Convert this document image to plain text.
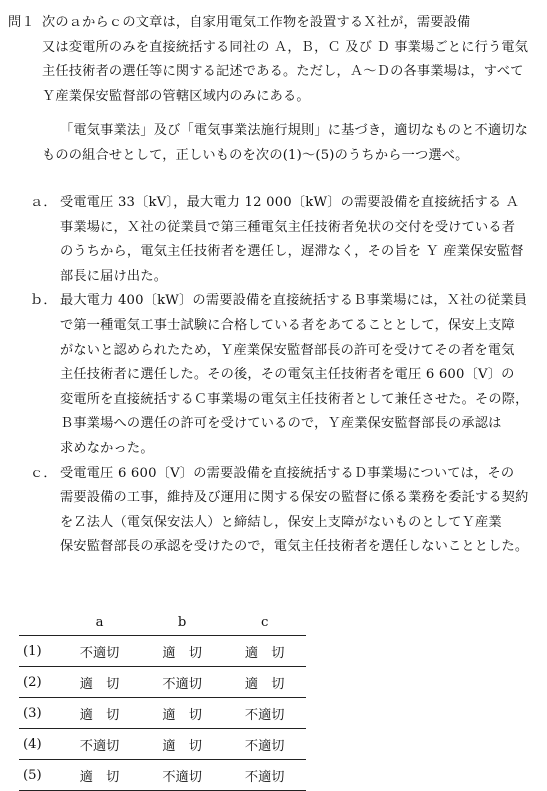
問１ 次のａからｃの文章は，自家用電気工作物を設置するＸ社が，需要設備
又は変電所のみを直接統括する同社の Ａ，Ｂ，Ｃ 及び Ｄ 事業場ごとに行う電気
主任技術者の選任等に関する記述である。ただし，Ａ～Ｄの各事業場は，すべて
Ｙ産業保安監督部の管轄区域内のみにある。
「電気事業法」及び「電気事業法施行規則」に基づき，適切なものと不適切な
ものの組合せとして，正しいものを次の(1)～(5)のうちから一つ選べ。
ａ． 受電電圧 33〔kV〕，最大電力 12 000〔kW〕の需要設備を直接統括する Ａ
事業場に，Ｘ社の従業員で第三種電気主任技術者免状の交付を受けている者
のうちから，電気主任技術者を選任し，遅滞なく，その旨を Ｙ 産業保安監督
部長に届け出た。
ｂ． 最大電力 400〔kW〕の需要設備を直接統括するＢ事業場には，Ｘ社の従業員
で第一種電気工事士試験に合格している者をあてることとして，保安上支障
がないと認められたため，Ｙ産業保安監督部長の許可を受けてその者を電気
主任技術者に選任した。その後，その電気主任技術者を電圧 6 600〔V〕の
変電所を直接統括するＣ事業場の電気主任技術者として兼任させた。その際，
Ｂ事業場への選任の許可を受けているので，Ｙ産業保安監督部長の承認は
求めなかった。
ｃ． 受電電圧 6 600〔V〕の需要設備を直接統括するＤ事業場については，その
需要設備の工事，維持及び運用に関する保安の監督に係る業務を委託する契約
をＺ法人（電気保安法人）と締結し，保安上支障がないものとしてＹ産業
保安監督部長の承認を受けたので，電気主任技術者を選任しないこととした。
	a	b	c
(1)	不適切	適　切	適　切
(2)	適　切	不適切	適　切
(3)	適　切	適　切	不適切
(4)	不適切	適　切	不適切
(5)	適　切	不適切	不適切
